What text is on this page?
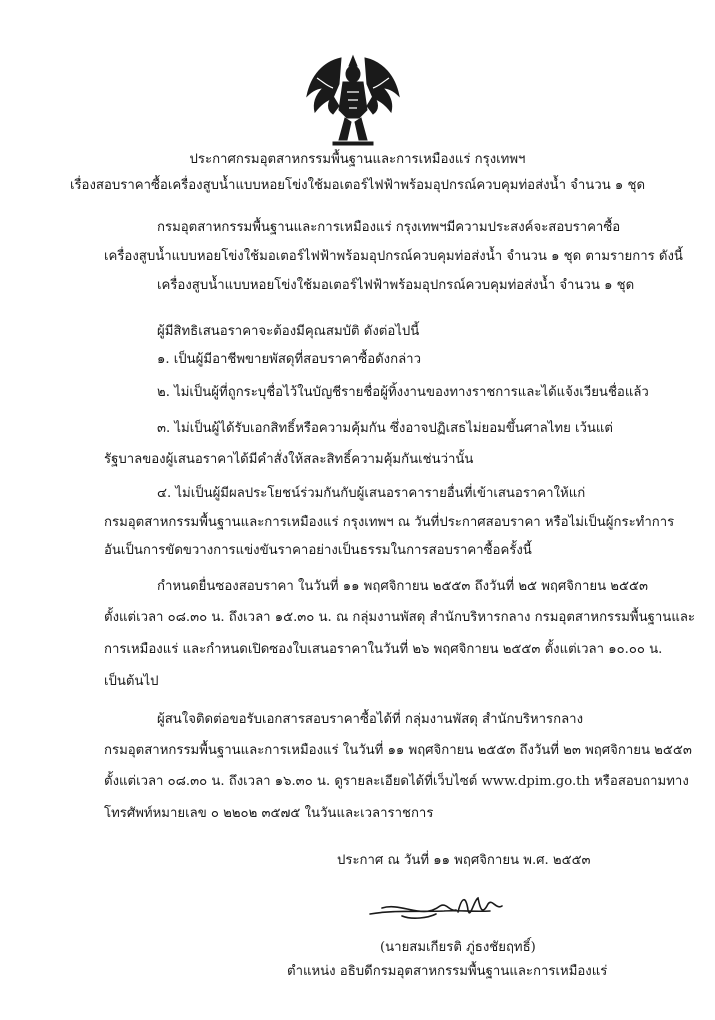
ประกาศกรมอุตสาหกรรมพื้นฐานและการเหมืองแร่ กรุงเทพฯ
เรื่องสอบราคาซื้อเครื่องสูบน้ำแบบหอยโข่งใช้มอเตอร์ไฟฟ้าพร้อมอุปกรณ์ควบคุมท่อส่งน้ำ จำนวน ๑ ชุด
กรมอุตสาหกรรมพื้นฐานและการเหมืองแร่ กรุงเทพฯมีความประสงค์จะสอบราคาซื้อ
เครื่องสูบน้ำแบบหอยโข่งใช้มอเตอร์ไฟฟ้าพร้อมอุปกรณ์ควบคุมท่อส่งน้ำ จำนวน ๑ ชุด ตามรายการ ดังนี้
เครื่องสูบน้ำแบบหอยโข่งใช้มอเตอร์ไฟฟ้าพร้อมอุปกรณ์ควบคุมท่อส่งน้ำ จำนวน ๑ ชุด
ผู้มีสิทธิเสนอราคาจะต้องมีคุณสมบัติ ดังต่อไปนี้
๑. เป็นผู้มีอาชีพขายพัสดุที่สอบราคาซื้อดังกล่าว
๒. ไม่เป็นผู้ที่ถูกระบุชื่อไว้ในบัญชีรายชื่อผู้ทิ้งงานของทางราชการและได้แจ้งเวียนชื่อแล้ว
๓. ไม่เป็นผู้ได้รับเอกสิทธิ์หรือความคุ้มกัน ซึ่งอาจปฏิเสธไม่ยอมขึ้นศาลไทย เว้นแต่
รัฐบาลของผู้เสนอราคาได้มีคำสั่งให้สละสิทธิ์ความคุ้มกันเช่นว่านั้น
๔. ไม่เป็นผู้มีผลประโยชน์ร่วมกันกับผู้เสนอราคารายอื่นที่เข้าเสนอราคาให้แก่
กรมอุตสาหกรรมพื้นฐานและการเหมืองแร่ กรุงเทพฯ ณ วันที่ประกาศสอบราคา หรือไม่เป็นผู้กระทำการ
อันเป็นการขัดขวางการแข่งขันราคาอย่างเป็นธรรมในการสอบราคาซื้อครั้งนี้
กำหนดยื่นซองสอบราคา ในวันที่ ๑๑ พฤศจิกายน ๒๕๕๓ ถึงวันที่ ๒๕ พฤศจิกายน ๒๕๕๓
ตั้งแต่เวลา ๐๘.๓๐ น. ถึงเวลา ๑๕.๓๐ น. ณ กลุ่มงานพัสดุ สำนักบริหารกลาง กรมอุตสาหกรรมพื้นฐานและ
การเหมืองแร่ และกำหนดเปิดซองใบเสนอราคาในวันที่ ๒๖ พฤศจิกายน ๒๕๕๓ ตั้งแต่เวลา ๑๐.๐๐ น.
เป็นต้นไป
ผู้สนใจติดต่อขอรับเอกสารสอบราคาซื้อได้ที่ กลุ่มงานพัสดุ สำนักบริหารกลาง
กรมอุตสาหกรรมพื้นฐานและการเหมืองแร่ ในวันที่ ๑๑ พฤศจิกายน ๒๕๕๓ ถึงวันที่ ๒๓ พฤศจิกายน ๒๕๕๓
ตั้งแต่เวลา ๐๘.๓๐ น. ถึงเวลา ๑๖.๓๐ น. ดูรายละเอียดได้ที่เว็บไซต์ www.dpim.go.th หรือสอบถามทาง
โทรศัพท์หมายเลข ๐ ๒๒๐๒ ๓๕๗๕ ในวันและเวลาราชการ
ประกาศ ณ วันที่ ๑๑ พฤศจิกายน พ.ศ. ๒๕๕๓
(นายสมเกียรติ ภู่ธงชัยฤทธิ์)
ตำแหน่ง อธิบดีกรมอุตสาหกรรมพื้นฐานและการเหมืองแร่
